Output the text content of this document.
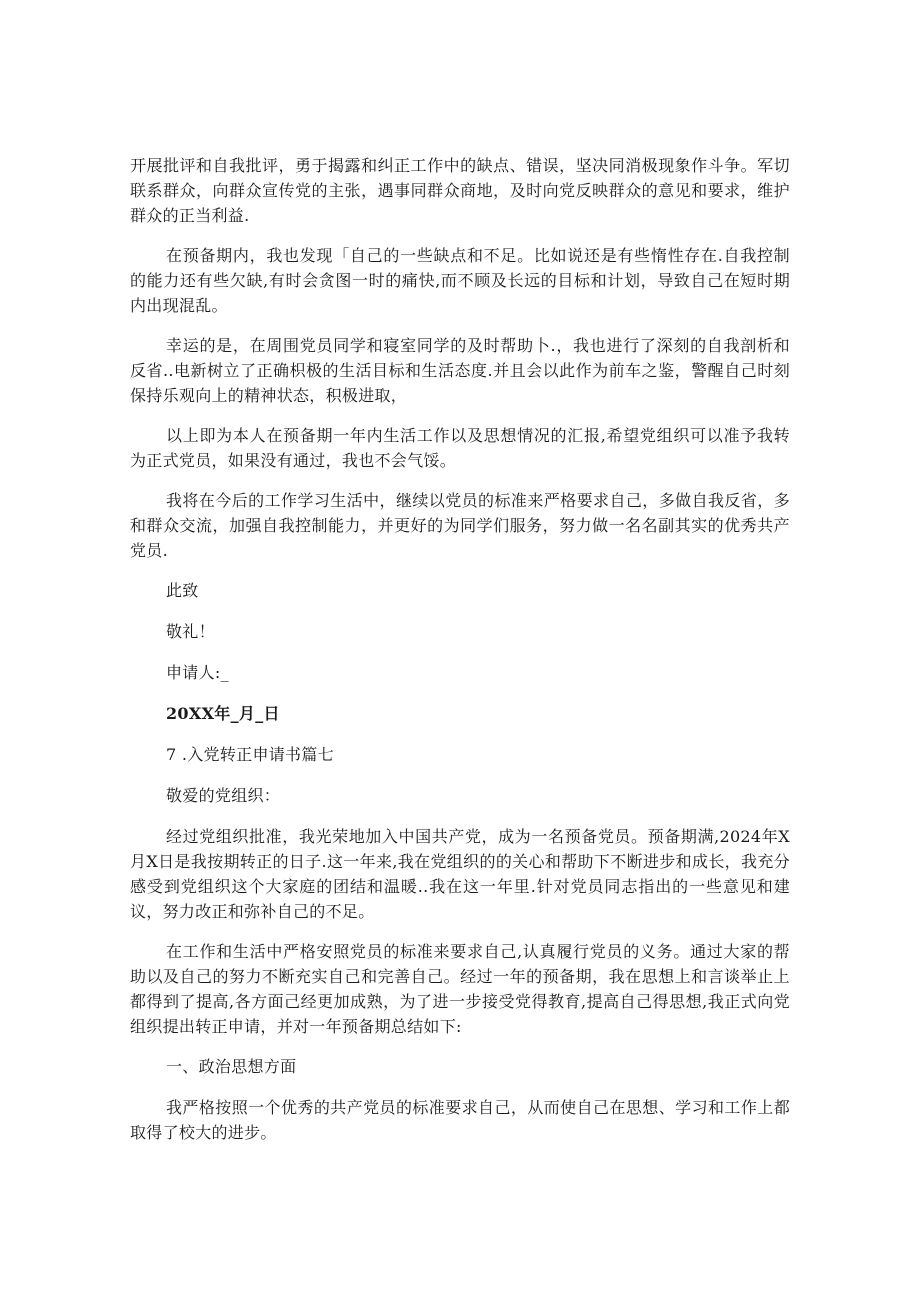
开展批评和自我批评，勇于揭露和纠正工作中的缺点、错误，坚决同消极现象作斗争。军切联系群众，向群众宣传党的主张，遇事同群众商地，及时向党反映群众的意见和要求，维护群众的正当利益.

在预备期内，我也发现「自己的一些缺点和不足。比如说还是有些惰性存在.自我控制的能力还有些欠缺,有时会贪图一时的痛快,而不顾及长远的目标和计划，导致自己在短时期内出现混乱。

幸运的是，在周围党员同学和寝室同学的及时帮助卜.，我也进行了深刻的自我剖析和反省..电新树立了正确枳极的生活目标和生活态度.并且会以此作为前车之鉴，警醒自己时刻保持乐观向上的精神状态，积极进取，

以上即为本人在预备期一年内生活工作以及思想情况的汇报,希望党组织可以准予我转为正式党员，如果没有通过，我也不会气馁。

我将在今后的工作学习生活中，继续以党员的标准来严格要求自己，多做自我反省，多和群众交流，加强自我控制能力，并更好的为同学们服务，努力做一名名副其实的优秀共产党员.

此致

敬礼！

申请人:_

20XX年_月_日

7 .入党转正申请书篇七

敬爱的党组织：

经过党组织批准，我光荣地加入中国共产党，成为一名预备党员。预备期满,2024年X月X日是我按期转正的日子.这一年来,我在党组织的的关心和帮助下不断进步和成长，我充分感受到党组织这个大家庭的团结和温暖..我在这一年里.针对党员同志指出的一些意见和建议，努力改正和弥补自己的不足。

在工作和生活中严格安照党员的标准来要求自己,认真履行党员的义务。通过大家的帮助以及自己的努力不断充实自己和完善自己。经过一年的预备期，我在思想上和言谈举止上都得到了提高,各方面己经更加成熟，为了进一步接受党得教育,提高自己得思想,我正式向党组织提出转正申请，并对一年预备期总结如下:

一、政治思想方面

我严格按照一个优秀的共产党员的标准要求自己，从而使自己在思想、学习和工作上都取得了校大的进步。
